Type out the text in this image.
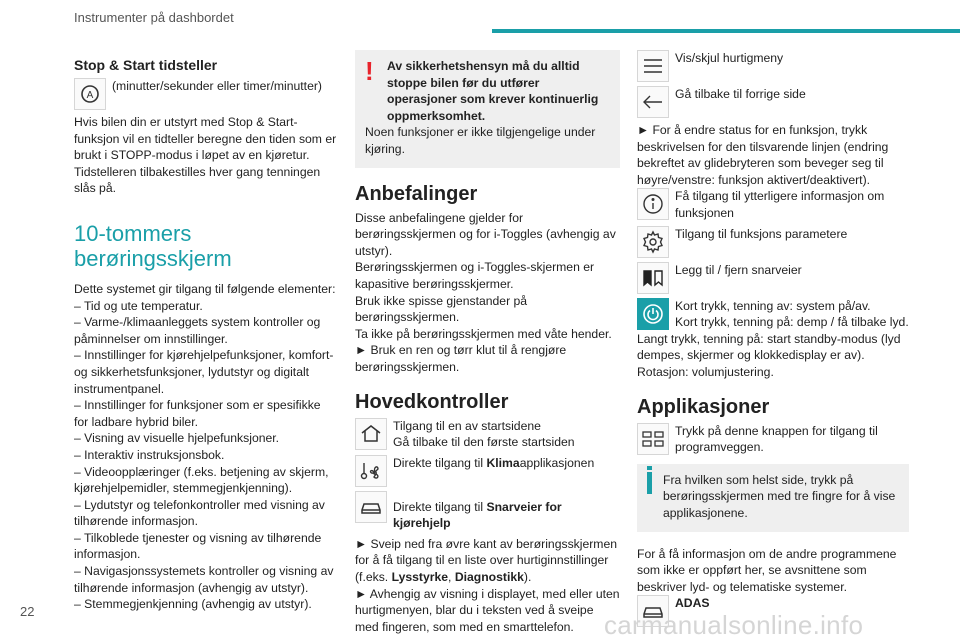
Instrumenter på dashbordet
Stop & Start tidsteller
A
(minutter/sekunder eller timer/minutter)

Hvis bilen din er utstyrt med Stop & Start-funksjon vil en tidteller beregne den tiden som er brukt i STOPP-modus i løpet av en kjøretur. Tidstelleren tilbakestilles hver gang tenningen slås på.

10-tommers berøringsskjerm

Dette systemet gir tilgang til følgende elementer:

– Tid og ute temperatur.

– Varme-/klimaanleggets system kontroller og påminnelser om innstillinger.

– Innstillinger for kjørehjelpefunksjoner, komfort- og sikkerhetsfunksjoner, lydutstyr og digitalt instrumentpanel.

– Innstillinger for funksjoner som er spesifikke for ladbare hybrid biler.

– Visning av visuelle hjelpefunksjoner.

– Interaktiv instruksjonsbok.

– Videoopplæringer (f.eks. betjening av skjerm, kjørehjelpemidler, stemmegjenkjenning).

– Lydutstyr og telefonkontroller med visning av tilhørende informasjon.

– Tilkoblede tjenester og visning av tilhørende informasjon.

– Navigasjonssystemets kontroller og visning av tilhørende informasjon (avhengig av utstyr).

– Stemmegjenkjenning (avhengig av utstyr).

!	Av sikkerhetshensyn må du alltid stoppe bilen før du utfører operasjoner som krever kontinuerlig oppmerksomhet.
Noen funksjoner er ikke tilgjengelige under kjøring.
Anbefalinger

Disse anbefalingene gjelder for berøringsskjermen og for i-Toggles (avhengig av utstyr).

Berøringsskjermen og i-Toggles-skjermen er kapasitive berøringsskjermer.

Bruk ikke spisse gjenstander på berøringsskjermen.

Ta ikke på berøringsskjermen med våte hender.

► Bruk en ren og tørr klut til å rengjøre berøringsskjermen.

Hovedkontroller

Tilgang til en av startsidene

Gå tilbake til den første startsiden

Direkte tilgang til Klimaapplikasjonen
Direkte tilgang til Snarveier for kjørehjelp

► Sveip ned fra øvre kant av berøringsskjermen for å få tilgang til en liste over hurtiginnstillinger (f.eks. Lysstyrke, Diagnostikk).

► Avhengig av visning i displayet, med eller uten hurtigmenyen, blar du i teksten ved å sveipe med fingeren, som med en smarttelefon.

Vis/skjul hurtigmeny
Gå tilbake til forrige side

► For å endre status for en funksjon, trykk beskrivelsen for den tilsvarende linjen (endring bekreftet av glidebryteren som beveger seg til høyre/venstre: funksjon aktivert/deaktivert).

Få tilgang til ytterligere informasjon om funksjonen
Tilgang til funksjons parametere
Legg til / fjern snarveier

Kort trykk, tenning av: system på/av.

Kort trykk, tenning på: demp / få tilbake lyd.

Langt trykk, tenning på: start standby-modus (lyd dempes, skjermer og klokkedisplay er av).

Rotasjon: volumjustering.

Applikasjoner
Trykk på denne knappen for tilgang til programveggen.
Fra hvilken som helst side, trykk på berøringsskjermen med tre fingre for å vise applikasjonene.

For å få informasjon om de andre programmene som ikke er oppført her, se avsnittene som beskriver lyd- og telematiske systemer.

ADAS
22	carmanualsonline.info
